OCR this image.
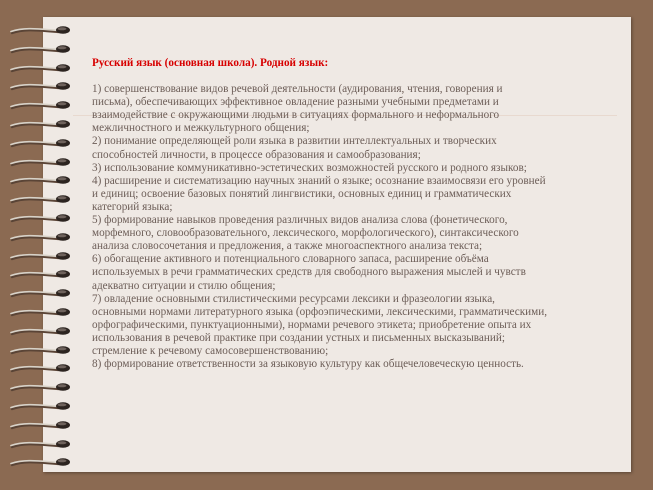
Русский язык (основная школа). Родной язык:

1) совершенствование видов речевой деятельности (аудирования, чтения, говорения и
письма), обеспечивающих эффективное овладение разными учебными предметами и
взаимодействие с окружающими людьми в ситуациях формального и неформального
межличностного и межкультурного общения;
2) понимание определяющей роли языка в развитии интеллектуальных и творческих
способностей личности, в процессе образования и самообразования;
3) использование коммуникативно-эстетических возможностей русского и родного языков;
4) расширение и систематизацию научных знаний о языке; осознание взаимосвязи его уровней
и единиц; освоение базовых понятий лингвистики, основных единиц и грамматических
категорий языка;
5) формирование навыков проведения различных видов анализа слова (фонетического,
морфемного, словообразовательного, лексического, морфологического), синтаксического
анализа словосочетания и предложения, а также многоаспектного анализа текста;
6) обогащение активного и потенциального словарного запаса, расширение объёма
используемых в речи грамматических средств для свободного выражения мыслей и чувств
адекватно ситуации и стилю общения;
7) овладение основными стилистическими ресурсами лексики и фразеологии языка,
основными нормами литературного языка (орфоэпическими, лексическими, грамматическими,
орфографическими, пунктуационными), нормами речевого этикета; приобретение опыта их
использования в речевой практике при создании устных и письменных высказываний;
стремление к речевому самосовершенствованию;
8) формирование ответственности за языковую культуру как общечеловеческую ценность.
